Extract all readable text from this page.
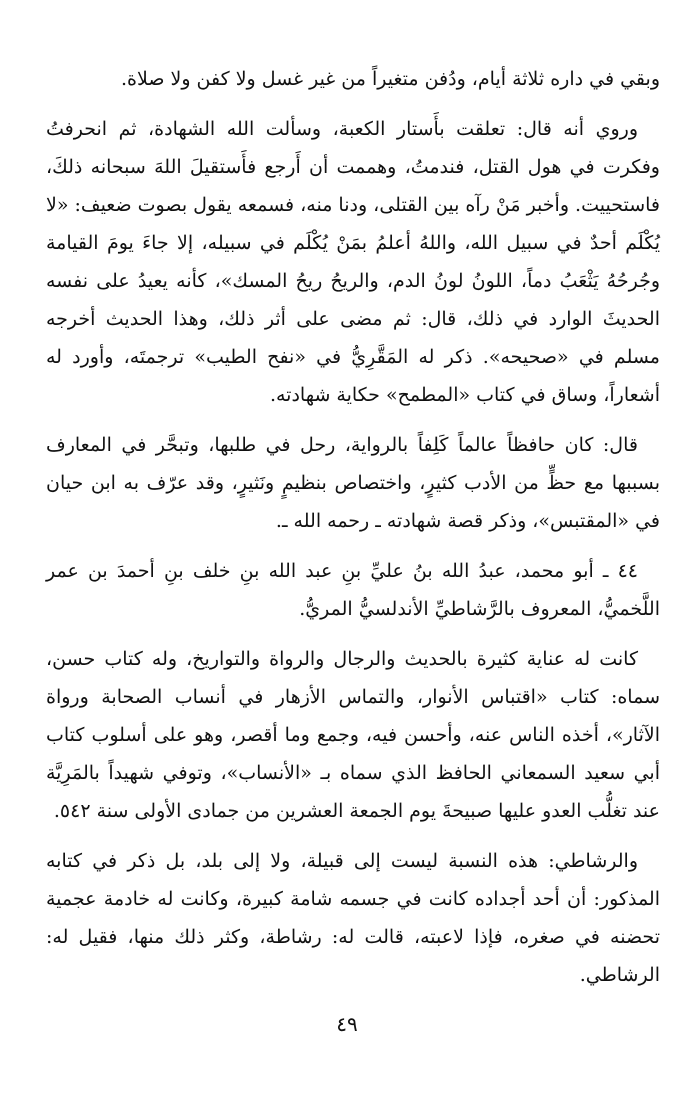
وبقي في داره ثلاثة أيام، ودُفن متغيراً من غير غسل ولا كفن ولا صلاة.

وروي أنه قال: تعلقت بأَستار الكعبة، وسألت الله الشهادة، ثم انحرفتُ وفكرت في هول القتل، فندمتُ، وهممت أن أَرجع فأَستقيلَ اللهَ سبحانه ذلكَ، فاستحييت. وأخبر مَنْ رآه بين القتلى، ودنا منه، فسمعه يقول بصوت ضعيف: «لا يُكْلَم أحدٌ في سبيل الله، واللهُ أعلمُ بمَنْ يُكْلَم في سبيله، إلا جاءَ يومَ القيامة وجُرحُهُ يَثْعَبُ دماً، اللونُ لونُ الدم، والريحُ ريحُ المسك»، كأنه يعيدُ على نفسه الحديثَ الوارد في ذلك، قال: ثم مضى على أثر ذلك، وهذا الحديث أخرجه مسلم في «صحيحه». ذكر له المَقَّرِيُّ في «نفح الطيب» ترجمتَه، وأورد له أشعاراً، وساق في كتاب «المطمح» حكاية شهادته.

قال: كان حافظاً عالماً كَلِفاً بالرواية، رحل في طلبها، وتبحَّر في المعارف بسببها مع حظٍّ من الأدب كثيرٍ، واختصاص بنظيمٍ ونَثيرٍ، وقد عرّف به ابن حيان في «المقتبس»، وذكر قصة شهادته ـ رحمه الله ـ.

٤٤ ـ أبو محمد، عبدُ الله بنُ عليِّ بنِ عبد الله بنِ خلف بنِ أحمدَ بن عمر اللَّخميُّ، المعروف بالرَّشاطيِّ الأندلسيُّ المريُّ.

كانت له عناية كثيرة بالحديث والرجال والرواة والتواريخ، وله كتاب حسن، سماه: كتاب «اقتباس الأنوار، والتماس الأزهار في أنساب الصحابة ورواة الآثار»، أخذه الناس عنه، وأحسن فيه، وجمع وما أقصر، وهو على أسلوب كتاب أبي سعيد السمعاني الحافظ الذي سماه بـ «الأنساب»، وتوفي شهيداً بالمَرِيَّة عند تغلُّب العدو عليها صبيحةَ يوم الجمعة العشرين من جمادى الأولى سنة ٥٤٢.

والرشاطي: هذه النسبة ليست إلى قبيلة، ولا إلى بلد، بل ذكر في كتابه المذكور: أن أحد أجداده كانت في جسمه شامة كبيرة، وكانت له خادمة عجمية تحضنه في صغره، فإذا لاعبته، قالت له: رشاطة، وكثر ذلك منها، فقيل له: الرشاطي.

٤٩
